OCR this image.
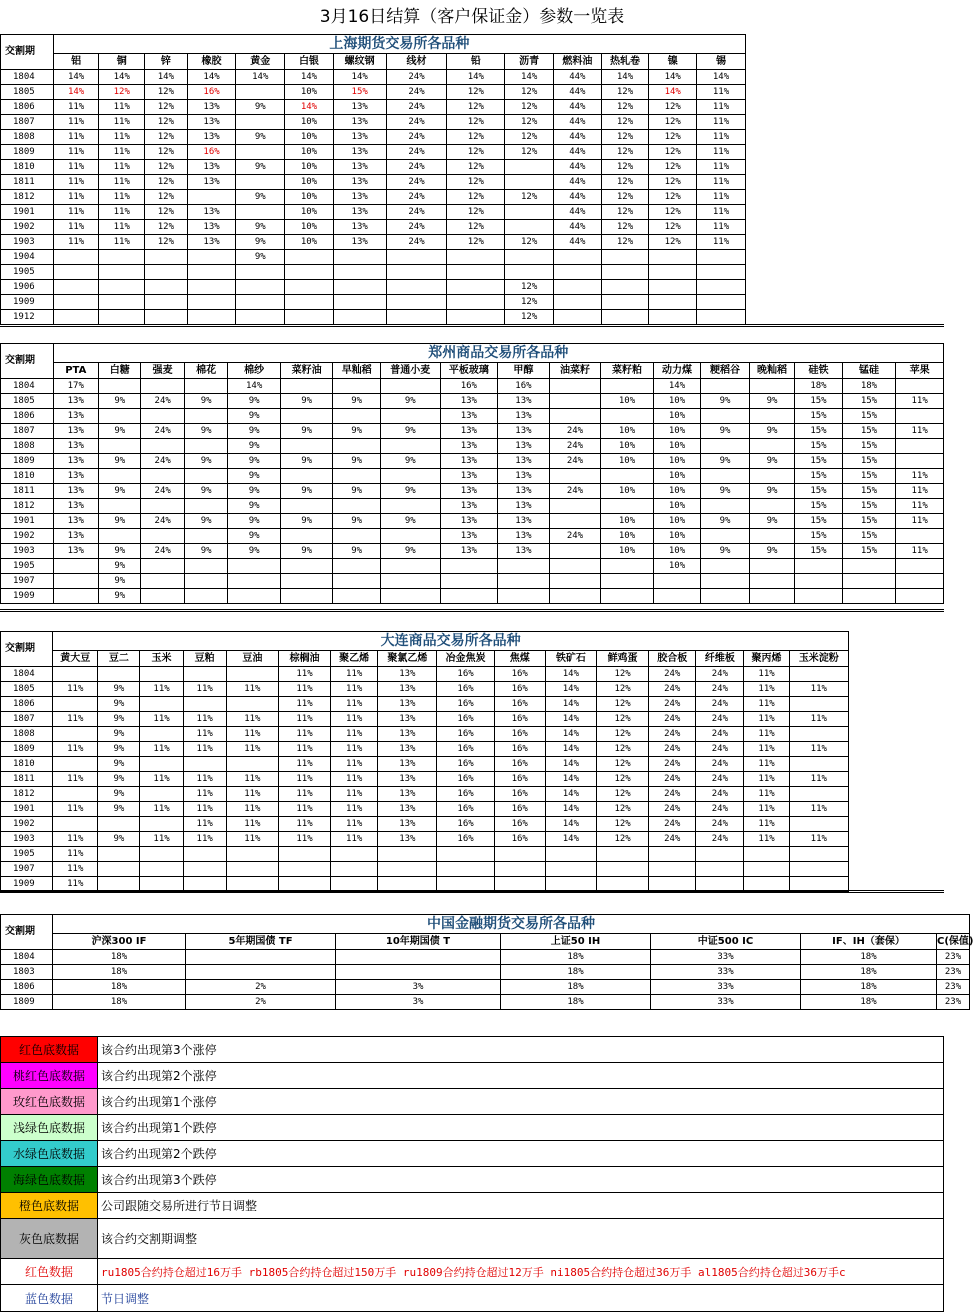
3月16日结算（客户保证金）参数一览表
交割期	上海期货交易所各品种													
	铝	铜	锌	橡胶	黄金	白银	螺纹钢	线材	铅	沥青	燃料油	热轧卷	镍	锡
1804	14%	14%	14%	14%	14%	14%	14%	24%	14%	14%	44%	14%	14%	14%
1805	14%	12%	12%	16%		10%	15%	24%	12%	12%	44%	12%	14%	11%
1806	11%	11%	12%	13%	9%	14%	13%	24%	12%	12%	44%	12%	12%	11%
1807	11%	11%	12%	13%		10%	13%	24%	12%	12%	44%	12%	12%	11%
1808	11%	11%	12%	13%	9%	10%	13%	24%	12%	12%	44%	12%	12%	11%
1809	11%	11%	12%	16%		10%	13%	24%	12%	12%	44%	12%	12%	11%
1810	11%	11%	12%	13%	9%	10%	13%	24%	12%		44%	12%	12%	11%
1811	11%	11%	12%	13%		10%	13%	24%	12%		44%	12%	12%	11%
1812	11%	11%	12%		9%	10%	13%	24%	12%	12%	44%	12%	12%	11%
1901	11%	11%	12%	13%		10%	13%	24%	12%		44%	12%	12%	11%
1902	11%	11%	12%	13%	9%	10%	13%	24%	12%		44%	12%	12%	11%
1903	11%	11%	12%	13%	9%	10%	13%	24%	12%	12%	44%	12%	12%	11%
1904					9%									
1905														
1906										12%				
1909										12%				
1912										12%				
交割期	郑州商品交易所各品种																	
	PTA	白糖	强麦	棉花	棉纱	菜籽油	早籼稻	普通小麦	平板玻璃	甲醇	油菜籽	菜籽粕	动力煤	粳稻谷	晚籼稻	硅铁	锰硅	苹果
1804	17%				14%				16%	16%			14%			18%	18%	
1805	13%	9%	24%	9%	9%	9%	9%	9%	13%	13%		10%	10%	9%	9%	15%	15%	11%
1806	13%				9%				13%	13%			10%			15%	15%	
1807	13%	9%	24%	9%	9%	9%	9%	9%	13%	13%	24%	10%	10%	9%	9%	15%	15%	11%
1808	13%				9%				13%	13%	24%	10%	10%			15%	15%	
1809	13%	9%	24%	9%	9%	9%	9%	9%	13%	13%	24%	10%	10%	9%	9%	15%	15%	
1810	13%				9%				13%	13%			10%			15%	15%	11%
1811	13%	9%	24%	9%	9%	9%	9%	9%	13%	13%	24%	10%	10%	9%	9%	15%	15%	11%
1812	13%				9%				13%	13%			10%			15%	15%	11%
1901	13%	9%	24%	9%	9%	9%	9%	9%	13%	13%		10%	10%	9%	9%	15%	15%	11%
1902	13%				9%				13%	13%	24%	10%	10%			15%	15%	
1903	13%	9%	24%	9%	9%	9%	9%	9%	13%	13%		10%	10%	9%	9%	15%	15%	11%
1905		9%											10%					
1907		9%																
1909		9%																
交割期	大连商品交易所各品种															
	黄大豆	豆二	玉米	豆粕	豆油	棕榈油	聚乙烯	聚氯乙烯	冶金焦炭	焦煤	铁矿石	鲜鸡蛋	胶合板	纤维板	聚丙烯	玉米淀粉
1804						11%	11%	13%	16%	16%	14%	12%	24%	24%	11%	
1805	11%	9%	11%	11%	11%	11%	11%	13%	16%	16%	14%	12%	24%	24%	11%	11%
1806		9%				11%	11%	13%	16%	16%	14%	12%	24%	24%	11%	
1807	11%	9%	11%	11%	11%	11%	11%	13%	16%	16%	14%	12%	24%	24%	11%	11%
1808		9%		11%	11%	11%	11%	13%	16%	16%	14%	12%	24%	24%	11%	
1809	11%	9%	11%	11%	11%	11%	11%	13%	16%	16%	14%	12%	24%	24%	11%	11%
1810		9%				11%	11%	13%	16%	16%	14%	12%	24%	24%	11%	
1811	11%	9%	11%	11%	11%	11%	11%	13%	16%	16%	14%	12%	24%	24%	11%	11%
1812		9%		11%	11%	11%	11%	13%	16%	16%	14%	12%	24%	24%	11%	
1901	11%	9%	11%	11%	11%	11%	11%	13%	16%	16%	14%	12%	24%	24%	11%	11%
1902				11%	11%	11%	11%	13%	16%	16%	14%	12%	24%	24%	11%	
1903	11%	9%	11%	11%	11%	11%	11%	13%	16%	16%	14%	12%	24%	24%	11%	11%
1905	11%															
1907	11%															
1909	11%															
交割期	中国金融期货交易所各品种						
	沪深300 IF	5年期国债 TF	10年期国债 T	上证50 IH	中证500 IC	IF、IH（套保）	C(保值)
1804	18%			18%	33%	18%	23%
1803	18%			18%	33%	18%	23%
1806	18%	2%	3%	18%	33%	18%	23%
1809	18%	2%	3%	18%	33%	18%	23%
红色底数据	该合约出现第3个涨停
桃红色底数据	该合约出现第2个涨停
玫红色底数据	该合约出现第1个涨停
浅绿色底数据	该合约出现第1个跌停
水绿色底数据	该合约出现第2个跌停
海绿色底数据	该合约出现第3个跌停
橙色底数据	公司跟随交易所进行节日调整
灰色底数据	该合约交割期调整
红色数据	ru1805合约持仓超过16万手 rb1805合约持仓超过150万手 ru1809合约持仓超过12万手 ni1805合约持仓超过36万手 al1805合约持仓超过36万手c
蓝色数据	节日调整
